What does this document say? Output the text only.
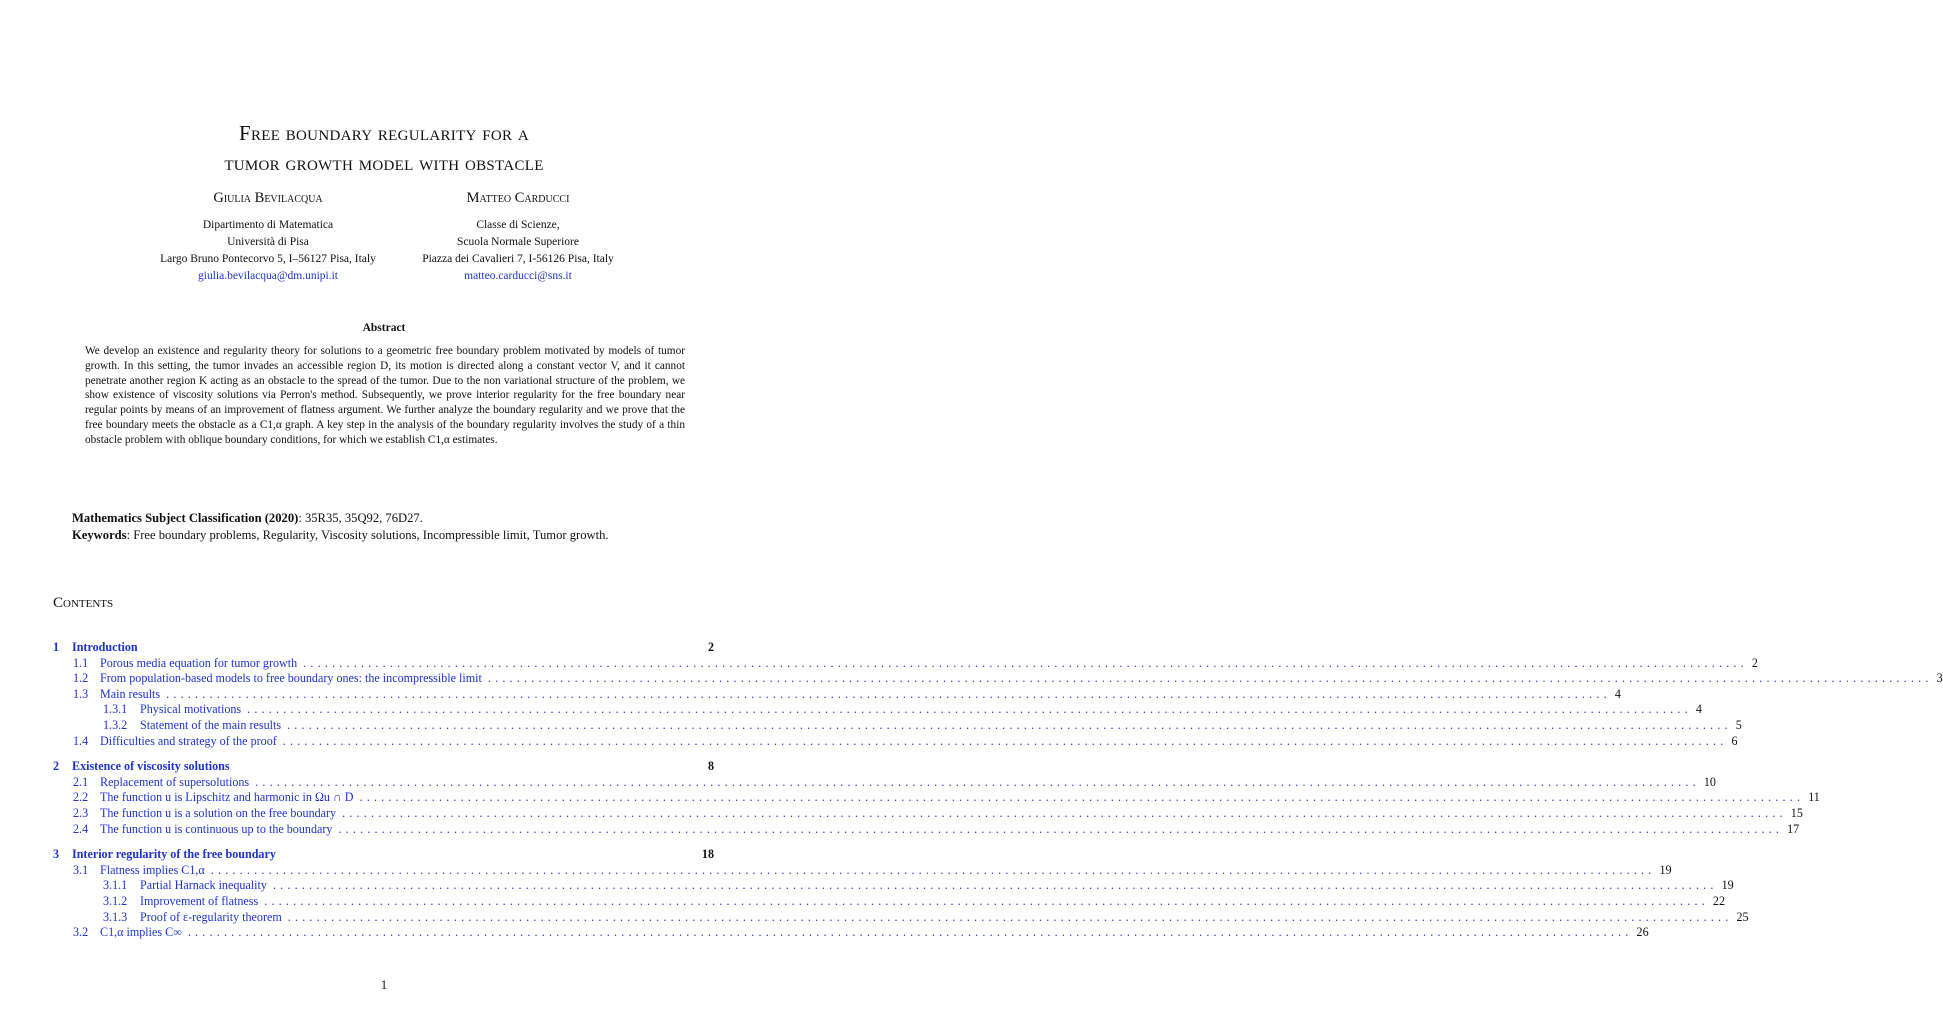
Free boundary regularity for a
tumor growth model with obstacle
Giulia Bevilacqua
Dipartimento di Matematica
Università di Pisa
Largo Bruno Pontecorvo 5, I–56127 Pisa, Italy
giulia.bevilacqua@dm.unipi.it
Matteo Carducci
Classe di Scienze,
Scuola Normale Superiore
Piazza dei Cavalieri 7, I-56126 Pisa, Italy
matteo.carducci@sns.it
Abstract
We develop an existence and regularity theory for solutions to a geometric free boundary problem motivated by models of tumor growth. In this setting, the tumor invades an accessible region D, its motion is directed along a constant vector V, and it cannot penetrate another region K acting as an obstacle to the spread of the tumor. Due to the non variational structure of the problem, we show existence of viscosity solutions via Perron's method. Subsequently, we prove interior regularity for the free boundary near regular points by means of an improvement of flatness argument. We further analyze the boundary regularity and we prove that the free boundary meets the obstacle as a C1,α graph. A key step in the analysis of the boundary regularity involves the study of a thin obstacle problem with oblique boundary conditions, for which we establish C1,α estimates.
Mathematics Subject Classification (2020): 35R35, 35Q92, 76D27.
Keywords: Free boundary problems, Regularity, Viscosity solutions, Incompressible limit, Tumor growth.
Contents
1 Introduction	2
1.1 Porous media equation for tumor growth ........................................................................................................................................................................................................ 2
1.2 From population-based models to free boundary ones: the incompressible limit ........................................................................................................................................................................................................ 3
1.3 Main results ........................................................................................................................................................................................................ 4
1.3.1 Physical motivations ........................................................................................................................................................................................................ 4
1.3.2 Statement of the main results ........................................................................................................................................................................................................ 5
1.4 Difficulties and strategy of the proof ........................................................................................................................................................................................................ 6
2 Existence of viscosity solutions	8
2.1 Replacement of supersolutions ........................................................................................................................................................................................................ 10
2.2 The function u is Lipschitz and harmonic in Ωu ∩ D ........................................................................................................................................................................................................ 11
2.3 The function u is a solution on the free boundary ........................................................................................................................................................................................................ 15
2.4 The function u is continuous up to the boundary ........................................................................................................................................................................................................ 17
3 Interior regularity of the free boundary	18
3.1 Flatness implies C1,α ........................................................................................................................................................................................................ 19
3.1.1 Partial Harnack inequality ........................................................................................................................................................................................................ 19
3.1.2 Improvement of flatness ........................................................................................................................................................................................................ 22
3.1.3 Proof of ε-regularity theorem ........................................................................................................................................................................................................ 25
3.2 C1,α implies C∞ ........................................................................................................................................................................................................ 26
1
